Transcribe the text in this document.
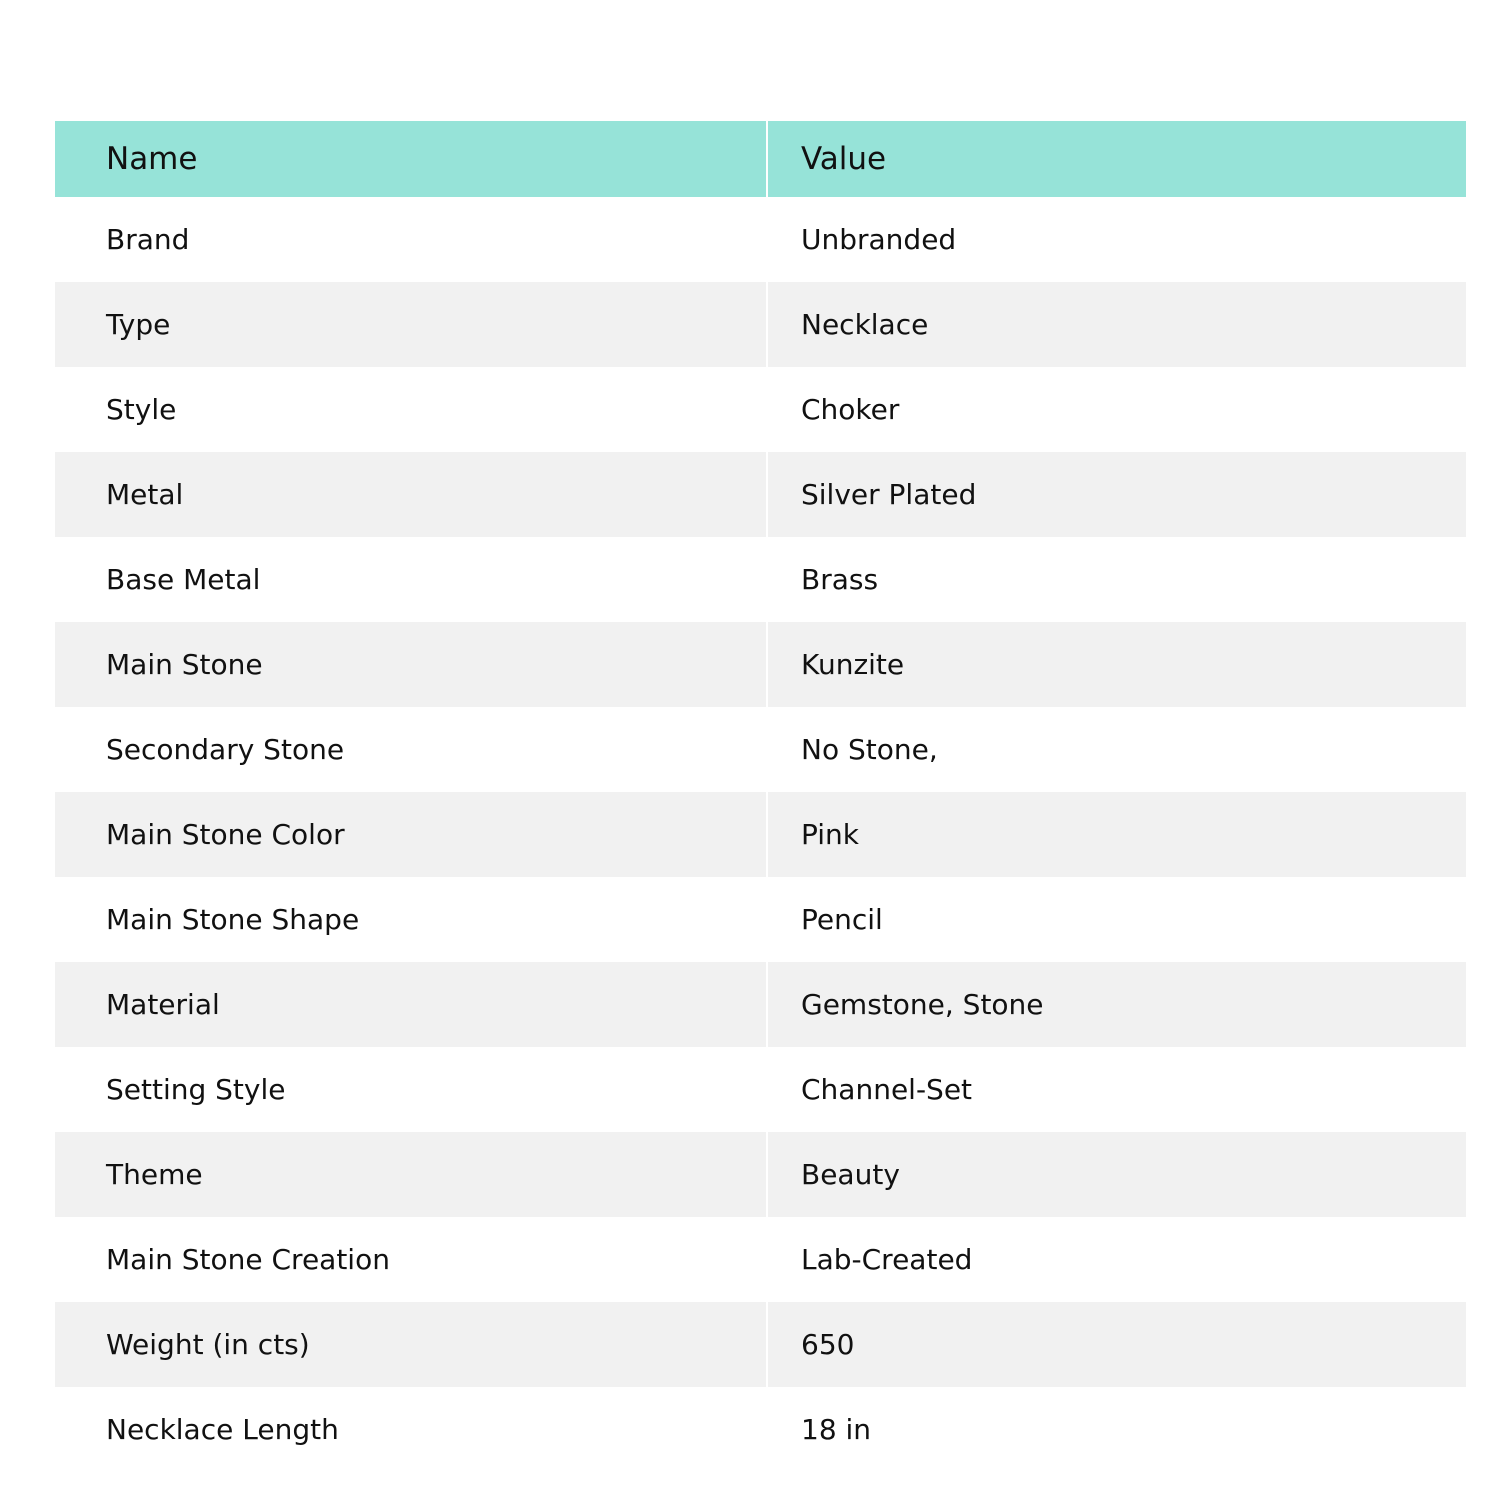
Name	Value
Brand	Unbranded
Type	Necklace
Style	Choker
Metal	Silver Plated
Base Metal	Brass
Main Stone	Kunzite
Secondary Stone	No Stone,
Main Stone Color	Pink
Main Stone Shape	Pencil
Material	Gemstone, Stone
Setting Style	Channel-Set
Theme	Beauty
Main Stone Creation	Lab-Created
Weight (in cts)	650
Necklace Length	18 in
